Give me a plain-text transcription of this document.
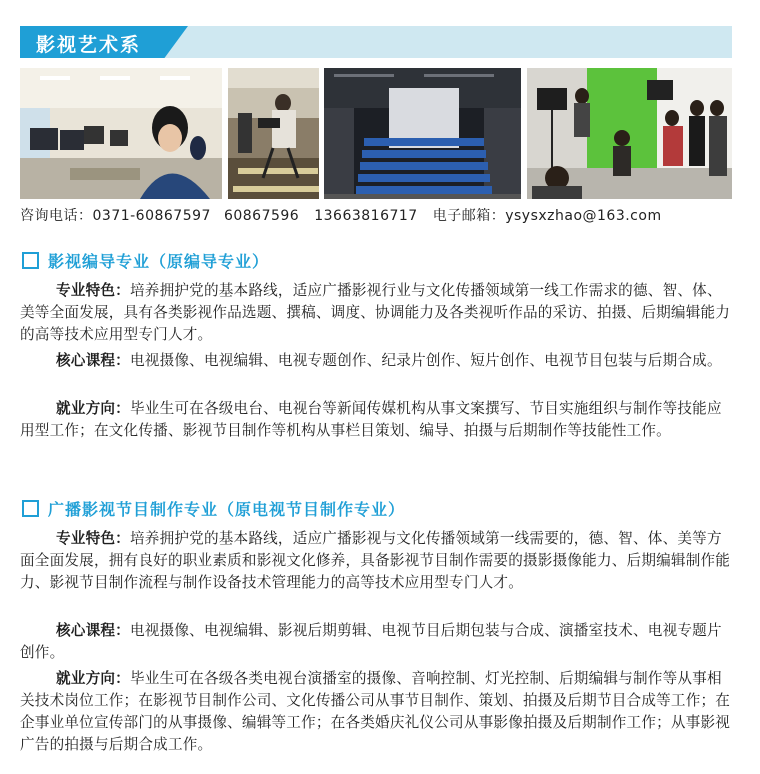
影视艺术系
咨询电话：0371-60867597 60867596 13663816717 电子邮箱：ysysxzhao@163.com
影视编导专业（原编导专业）
专业特色：培养拥护党的基本路线，适应广播影视行业与文化传播领域第一线工作需求的德、智、体、美等全面发展，具有各类影视作品选题、撰稿、调度、协调能力及各类视听作品的采访、拍摄、后期编辑能力的高等技术应用型专门人才。
核心课程：电视摄像、电视编辑、电视专题创作、纪录片创作、短片创作、电视节目包装与后期合成。
就业方向：毕业生可在各级电台、电视台等新闻传媒机构从事文案撰写、节目实施组织与制作等技能应用型工作；在文化传播、影视节目制作等机构从事栏目策划、编导、拍摄与后期制作等技能性工作。
广播影视节目制作专业（原电视节目制作专业）
专业特色：培养拥护党的基本路线，适应广播影视与文化传播领域第一线需要的，德、智、体、美等方面全面发展，拥有良好的职业素质和影视文化修养，具备影视节目制作需要的摄影摄像能力、后期编辑制作能力、影视节目制作流程与制作设备技术管理能力的高等技术应用型专门人才。
核心课程：电视摄像、电视编辑、影视后期剪辑、电视节目后期包装与合成、演播室技术、电视专题片创作。
就业方向：毕业生可在各级各类电视台演播室的摄像、音响控制、灯光控制、后期编辑与制作等从事相关技术岗位工作；在影视节目制作公司、文化传播公司从事节目制作、策划、拍摄及后期节目合成等工作；在企事业单位宣传部门的从事摄像、编辑等工作；在各类婚庆礼仪公司从事影像拍摄及后期制作工作；从事影视广告的拍摄与后期合成工作。
